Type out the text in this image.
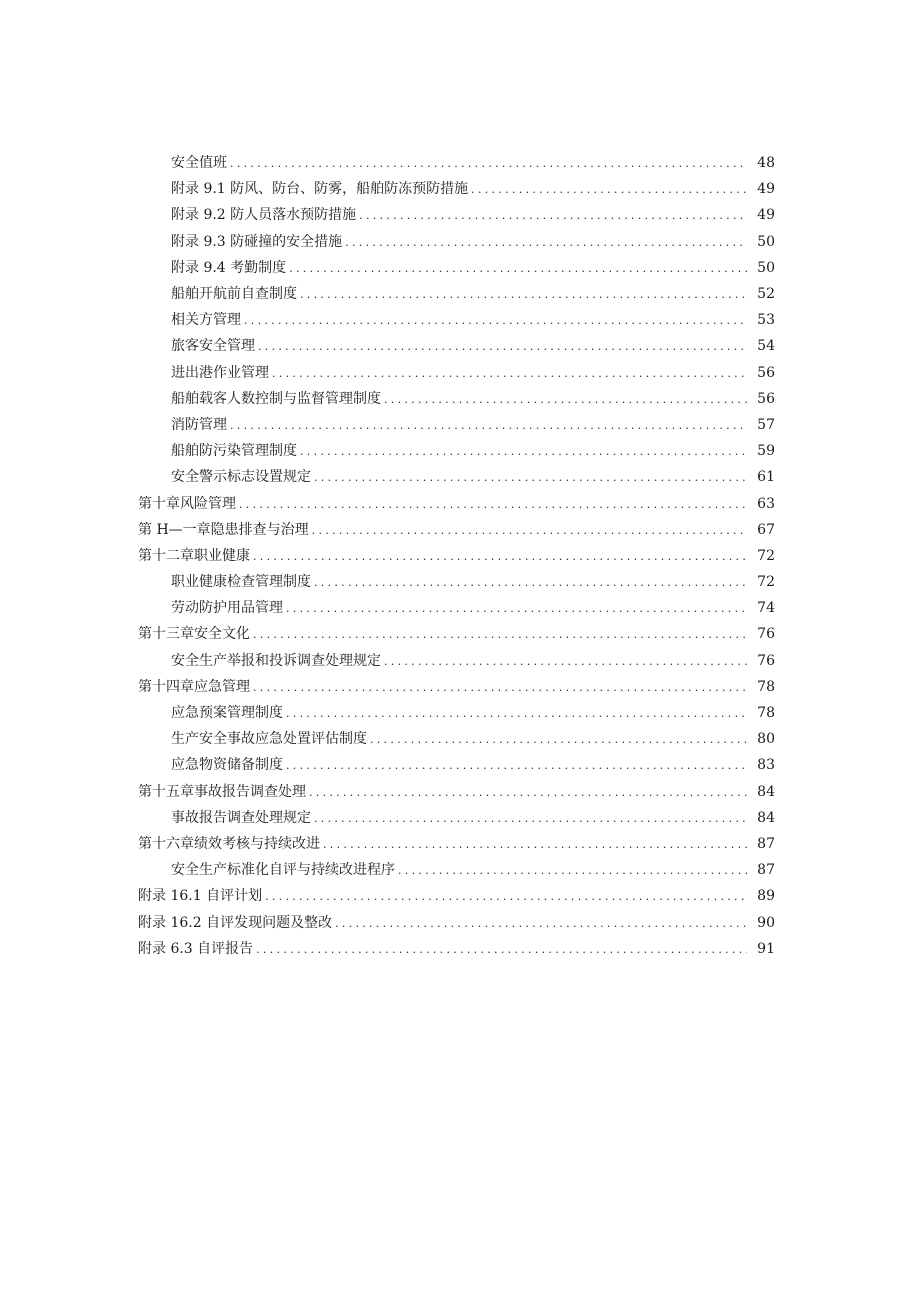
安全值班 .....	48
附录 9.1 防风、防台、防雾，船舶防冻预防措施 .....	49
附录 9.2 防人员落水预防措施 .....	49
附录 9.3 防碰撞的安全措施 .....	50
附录 9.4 考勤制度 .....	50
船舶开航前自查制度 .....	52
相关方管理 .....	53
旅客安全管理 .....	54
进出港作业管理 .....	56
船舶载客人数控制与监督管理制度 .....	56
消防管理 .....	57
船舶防污染管理制度 .....	59
安全警示标志设置规定 .....	61
第十章风险管理 .....	63
第 H—一章隐患排查与治理 .....	67
第十二章职业健康 .....	72
职业健康检查管理制度 .....	72
劳动防护用品管理 .....	74
第十三章安全文化 .....	76
安全生产举报和投诉调查处理规定 .....	76
第十四章应急管理 .....	78
应急预案管理制度 .....	78
生产安全事故应急处置评估制度 .....	80
应急物资储备制度 .....	83
第十五章事故报告调查处理 .....	84
事故报告调查处理规定 .....	84
第十六章绩效考核与持续改进 .....	87
安全生产标准化自评与持续改进程序 .....	87
附录 16.1 自评计划 .....	89
附录 16.2 自评发现问题及整改 .....	90
附录 6.3 自评报告 .....	91
